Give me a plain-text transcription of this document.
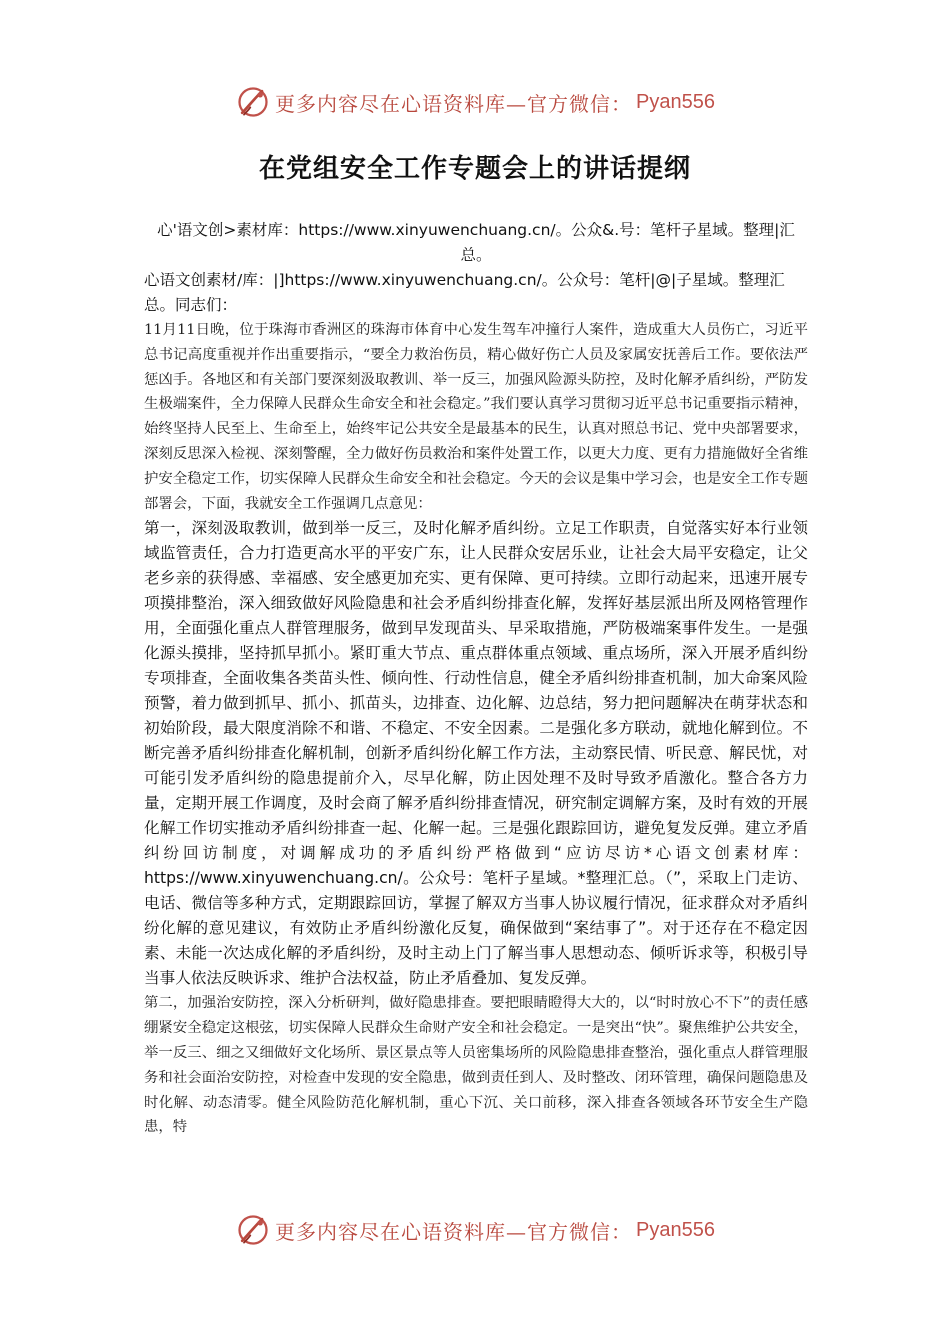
更多内容尽在心语资料库—官方微信： Pyan556
在党组安全工作专题会上的讲话提纲

心'语文创>素材库：https://www.xinyuwenchuang.cn/。公众&.号：笔杆子星域。整理|汇总。

心语文创素材/库：|]https://www.xinyuwenchuang.cn/。公众号：笔杆|@|子星域。整理汇总。同志们：

11月11日晚，位于珠海市香洲区的珠海市体育中心发生驾车冲撞行人案件，造成重大人员伤亡，习近平总书记高度重视并作出重要指示，“要全力救治伤员，精心做好伤亡人员及家属安抚善后工作。要依法严惩凶手。各地区和有关部门要深刻汲取教训、举一反三，加强风险源头防控，及时化解矛盾纠纷，严防发生极端案件，全力保障人民群众生命安全和社会稳定。”我们要认真学习贯彻习近平总书记重要指示精神，始终坚持人民至上、生命至上，始终牢记公共安全是最基本的民生，认真对照总书记、党中央部署要求，深刻反思深入检视、深刻警醒，全力做好伤员救治和案件处置工作，以更大力度、更有力措施做好全省维护安全稳定工作，切实保障人民群众生命安全和社会稳定。今天的会议是集中学习会，也是安全工作专题部署会，下面，我就安全工作强调几点意见：

第一，深刻汲取教训，做到举一反三，及时化解矛盾纠纷。立足工作职责，自觉落实好本行业领域监管责任，合力打造更高水平的平安广东，让人民群众安居乐业，让社会大局平安稳定，让父老乡亲的获得感、幸福感、安全感更加充实、更有保障、更可持续。立即行动起来，迅速开展专项摸排整治，深入细致做好风险隐患和社会矛盾纠纷排查化解，发挥好基层派出所及网格管理作用，全面强化重点人群管理服务，做到早发现苗头、早采取措施，严防极端案事件发生。一是强化源头摸排，坚持抓早抓小。紧盯重大节点、重点群体重点领域、重点场所，深入开展矛盾纠纷专项排查，全面收集各类苗头性、倾向性、行动性信息，健全矛盾纠纷排查机制，加大命案风险预警，着力做到抓早、抓小、抓苗头，边排查、边化解、边总结，努力把问题解决在萌芽状态和初始阶段，最大限度消除不和谐、不稳定、不安全因素。二是强化多方联动，就地化解到位。不断完善矛盾纠纷排查化解机制，创新矛盾纠纷化解工作方法，主动察民情、听民意、解民忧，对可能引发矛盾纠纷的隐患提前介入，尽早化解，防止因处理不及时导致矛盾激化。整合各方力量，定期开展工作调度，及时会商了解矛盾纠纷排查情况，研究制定调解方案，及时有效的开展化解工作切实推动矛盾纠纷排查一起、化解一起。三是强化跟踪回访，避免复发反弹。建立矛盾纠纷回访制度，对调解成功的矛盾纠纷严格做到“应访尽访*心语文创素材库：https://www.xinyuwenchuang.cn/。公众号：笔杆子星域。*整理汇总。（”，采取上门走访、电话、微信等多种方式，定期跟踪回访，掌握了解双方当事人协议履行情况，征求群众对矛盾纠纷化解的意见建议，有效防止矛盾纠纷激化反复，确保做到“案结事了”。对于还存在不稳定因素、未能一次达成化解的矛盾纠纷，及时主动上门了解当事人思想动态、倾听诉求等，积极引导当事人依法反映诉求、维护合法权益，防止矛盾叠加、复发反弹。

第二，加强治安防控，深入分析研判，做好隐患排查。要把眼睛瞪得大大的，以“时时放心不下”的责任感绷紧安全稳定这根弦，切实保障人民群众生命财产安全和社会稳定。一是突出“快”。聚焦维护公共安全，举一反三、细之又细做好文化场所、景区景点等人员密集场所的风险隐患排查整治，强化重点人群管理服务和社会面治安防控，对检查中发现的安全隐患，做到责任到人、及时整改、闭环管理，确保问题隐患及时化解、动态清零。健全风险防范化解机制，重心下沉、关口前移，深入排查各领域各环节安全生产隐患，特

更多内容尽在心语资料库—官方微信： Pyan556
